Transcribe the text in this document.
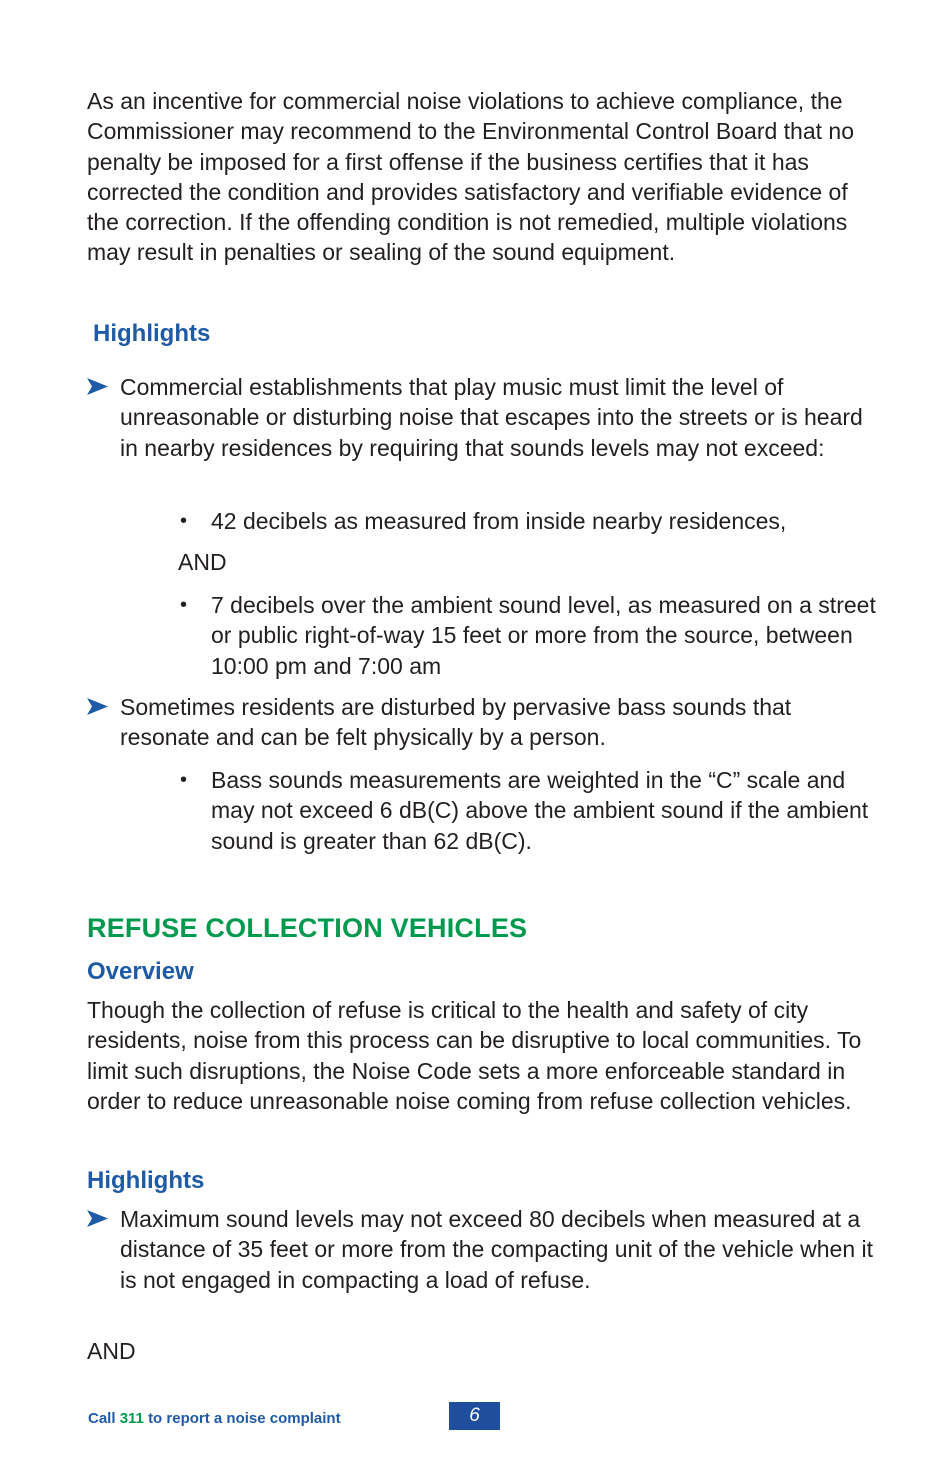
As an incentive for commercial noise violations to achieve compliance, the Commissioner may recommend to the Environmental Control Board that no penalty be imposed for a first offense if the business certifies that it has corrected the condition and provides satisfactory and verifiable evidence of the correction. If the offending condition is not remedied, multiple violations may result in penalties or sealing of the sound equipment.

Highlights
Commercial establishments that play music must limit the level of unreasonable or disturbing noise that escapes into the streets or is heard in nearby residences by requiring that sounds levels may not exceed:
• 42 decibels as measured from inside nearby residences,
AND
• 7 decibels over the ambient sound level, as measured on a street or public right-of-way 15 feet or more from the source, between 10:00 pm and 7:00 am
Sometimes residents are disturbed by pervasive bass sounds that resonate and can be felt physically by a person.
• Bass sounds measurements are weighted in the “C” scale and may not exceed 6 dB(C) above the ambient sound if the ambient sound is greater than 62 dB(C).
REFUSE COLLECTION VEHICLES
Overview

Though the collection of refuse is critical to the health and safety of city residents, noise from this process can be disruptive to local communities. To limit such disruptions, the Noise Code sets a more enforceable standard in order to reduce unreasonable noise coming from refuse collection vehicles.

Highlights
Maximum sound levels may not exceed 80 decibels when measured at a distance of 35 feet or more from the compacting unit of the vehicle when it is not engaged in compacting a load of refuse.
AND
Call 311 to report a noise complaint	6
